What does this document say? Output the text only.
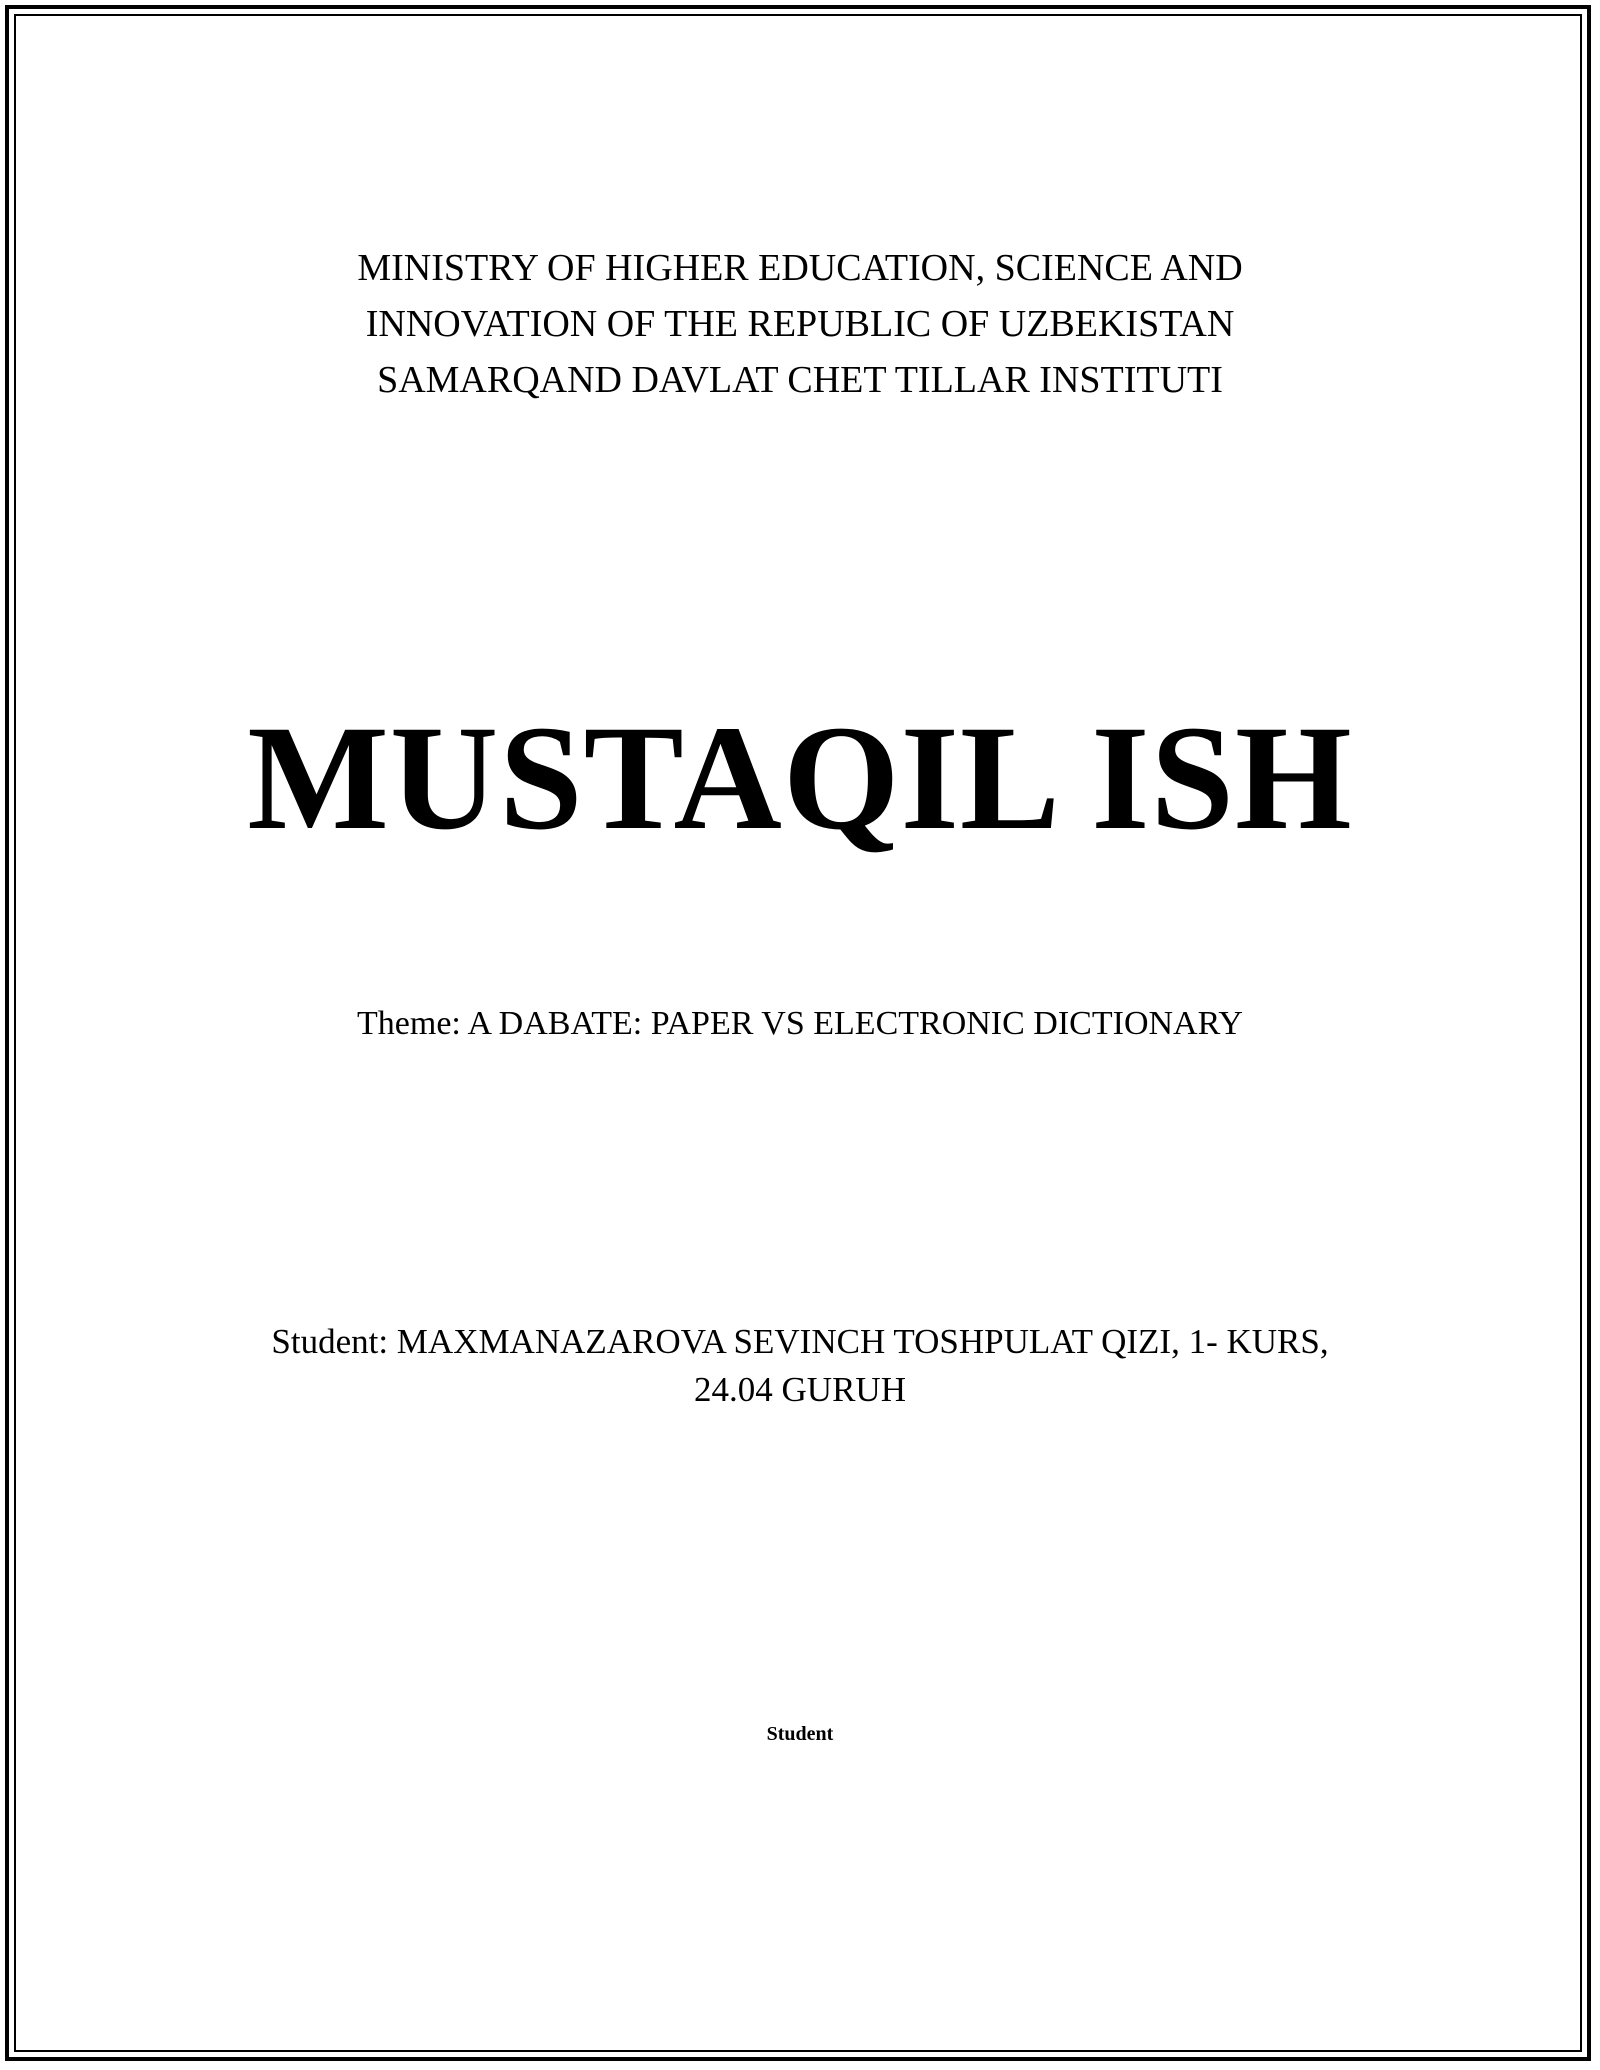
MINISTRY OF HIGHER EDUCATION, SCIENCE AND
INNOVATION OF THE REPUBLIC OF UZBEKISTAN
SAMARQAND DAVLAT CHET TILLAR INSTITUTI
MUSTAQIL ISH
Theme: A DABATE: PAPER VS ELECTRONIC DICTIONARY
Student: MAXMANAZAROVA SEVINCH TOSHPULAT QIZI, 1- KURS,
24.04 GURUH
Student
